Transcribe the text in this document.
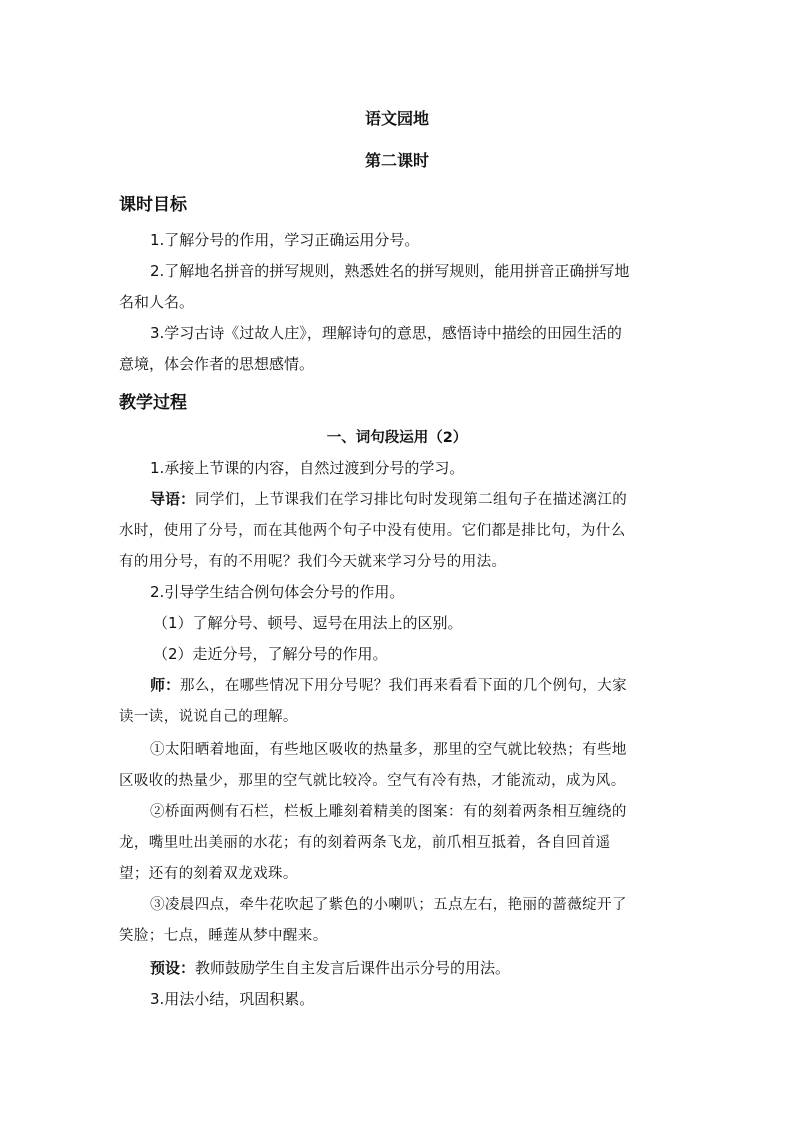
语文园地
第二课时
课时目标
1.了解分号的作用，学习正确运用分号。
2.了解地名拼音的拼写规则，熟悉姓名的拼写规则，能用拼音正确拼写地
名和人名。
3.学习古诗《过故人庄》，理解诗句的意思，感悟诗中描绘的田园生活的
意境，体会作者的思想感情。
教学过程
一、词句段运用（2）
1.承接上节课的内容，自然过渡到分号的学习。
导语：同学们，上节课我们在学习排比句时发现第二组句子在描述漓江的
水时，使用了分号，而在其他两个句子中没有使用。它们都是排比句，为什么
有的用分号，有的不用呢？我们今天就来学习分号的用法。
2.引导学生结合例句体会分号的作用。
（1）了解分号、顿号、逗号在用法上的区别。
（2）走近分号，了解分号的作用。
师：那么，在哪些情况下用分号呢？我们再来看看下面的几个例句，大家
读一读，说说自己的理解。
①太阳晒着地面，有些地区吸收的热量多，那里的空气就比较热；有些地
区吸收的热量少，那里的空气就比较冷。空气有冷有热，才能流动，成为风。
②桥面两侧有石栏，栏板上雕刻着精美的图案：有的刻着两条相互缠绕的
龙，嘴里吐出美丽的水花；有的刻着两条飞龙，前爪相互抵着，各自回首遥
望；还有的刻着双龙戏珠。
③凌晨四点，牵牛花吹起了紫色的小喇叭；五点左右，艳丽的蔷薇绽开了
笑脸；七点，睡莲从梦中醒来。
预设：教师鼓励学生自主发言后课件出示分号的用法。
3.用法小结，巩固积累。
